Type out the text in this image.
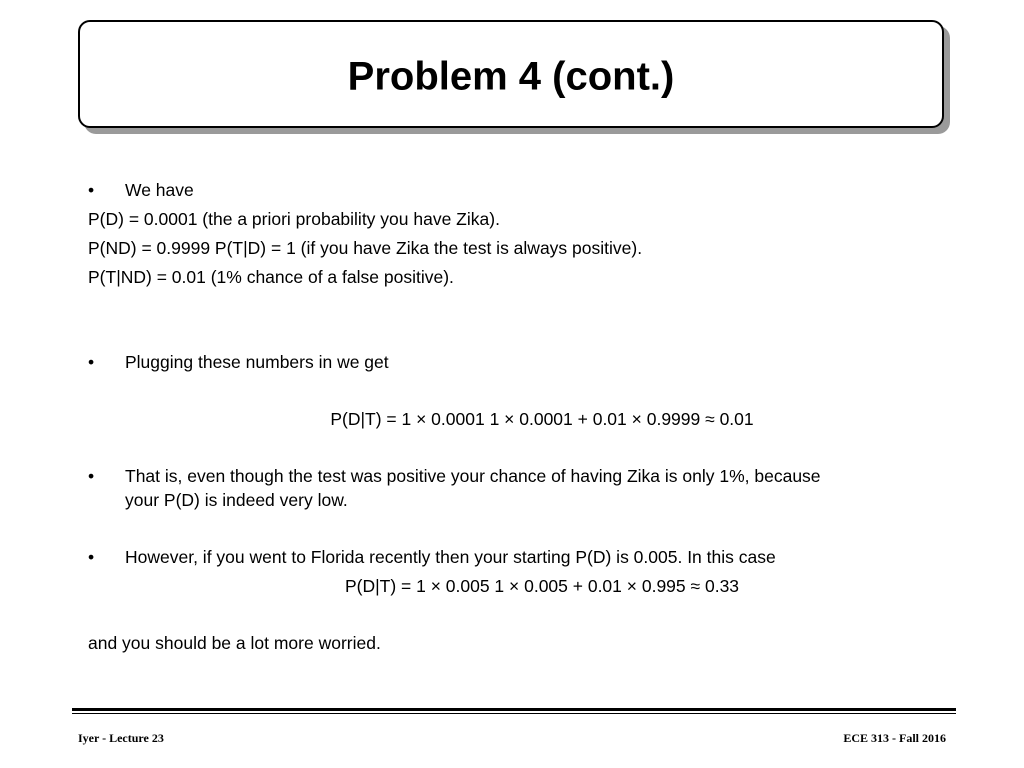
Problem 4 (cont.)
• We have
P(D) = 0.0001 (the a priori probability you have Zika).
P(ND) = 0.9999 P(T|D) = 1 (if you have Zika the test is always positive).
P(T|ND) = 0.01 (1% chance of a false positive).
• Plugging these numbers in we get
P(D|T) = 1 × 0.0001 1 × 0.0001 + 0.01 × 0.9999 ≈ 0.01
• That is, even though the test was positive your chance of having Zika is only 1%, because
your P(D) is indeed very low.
• However, if you went to Florida recently then your starting P(D) is 0.005. In this case
P(D|T) = 1 × 0.005 1 × 0.005 + 0.01 × 0.995 ≈ 0.33
and you should be a lot more worried.
Iyer - Lecture 23	ECE 313 - Fall 2016
